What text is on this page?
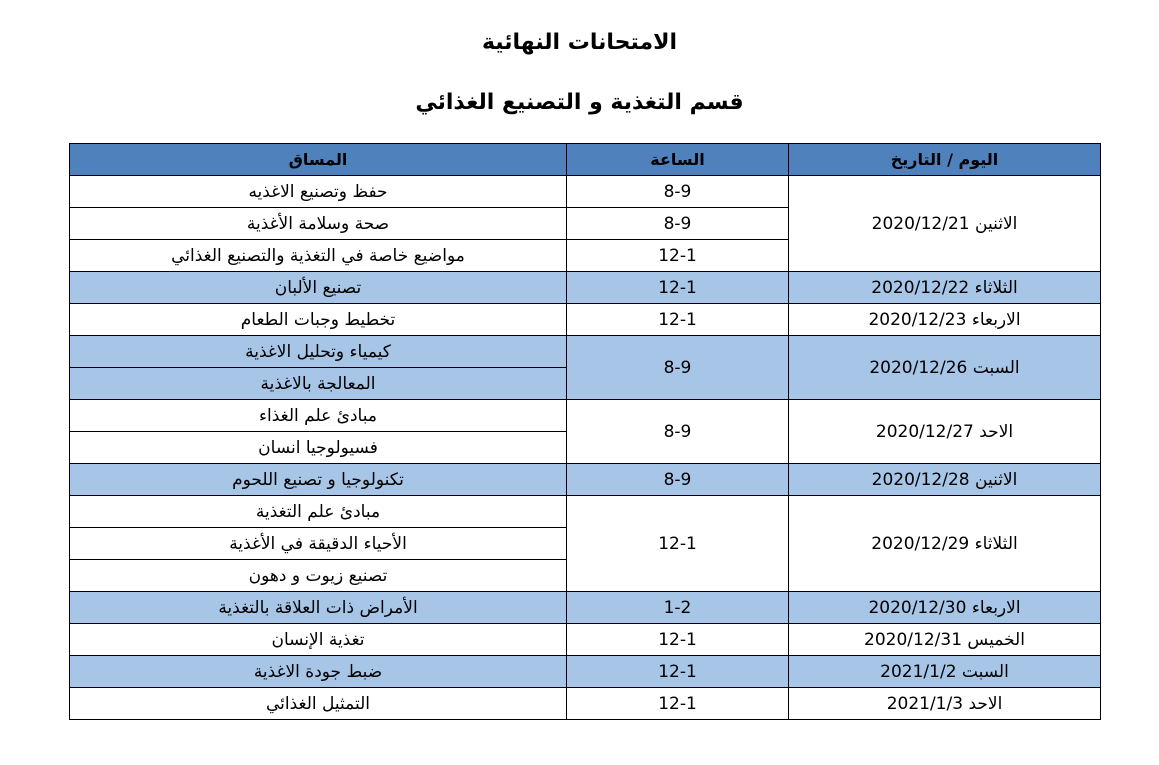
الامتحانات النهائية
قسم التغذية و التصنيع الغذائي
اليوم / التاريخ	الساعة	المساق
الاثنين 2020/12/21	8-9	حفظ وتصنيع الاغذيه
	8-9	صحة وسلامة الأغذية
	12-1	مواضيع خاصة في التغذية والتصنيع الغذائي
الثلاثاء 2020/12/22	12-1	تصنيع الألبان
الاربعاء 2020/12/23	12-1	تخطيط وجبات الطعام
السبت 2020/12/26	8-9	كيمياء وتحليل الاغذية
		المعالجة بالاغذية
الاحد 2020/12/27	8-9	مبادئ علم الغذاء
		فسيولوجيا انسان
الاثنين 2020/12/28	8-9	تكنولوجيا و تصنيع اللحوم
الثلاثاء 2020/12/29	12-1	مبادئ علم التغذية
		الأحياء الدقيقة في الأغذية
		تصنيع زيوت و دهون
الاربعاء 2020/12/30	1-2	الأمراض ذات العلاقة بالتغذية
الخميس 2020/12/31	12-1	تغذية الإنسان
السبت 2021/1/2	12-1	ضبط جودة الاغذية
الاحد 2021/1/3	12-1	التمثيل الغذائي
